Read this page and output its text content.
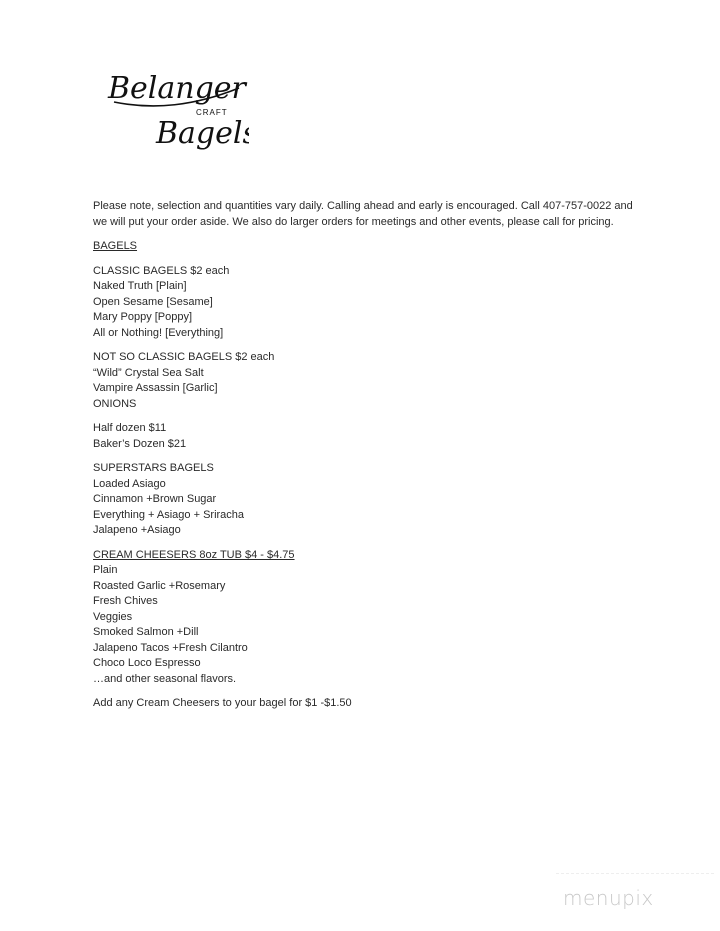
Belanger
CRAFT
Bagels

Please note, selection and quantities vary daily. Calling ahead and early is encouraged. Call 407-757-0022 and we will put your order aside. We also do larger orders for meetings and other events, please call for pricing.

BAGELS
CLASSIC BAGELS $2 each
Naked Truth [Plain]
Open Sesame [Sesame]
Mary Poppy [Poppy]
All or Nothing! [Everything]
NOT SO CLASSIC BAGELS $2 each
“Wild” Crystal Sea Salt
Vampire Assassin [Garlic]
ONIONS
Half dozen $11
Baker’s Dozen $21
SUPERSTARS BAGELS
Loaded Asiago
Cinnamon +Brown Sugar
Everything + Asiago + Sriracha
Jalapeno +Asiago
CREAM CHEESERS 8oz TUB $4 - $4.75
Plain
Roasted Garlic +Rosemary
Fresh Chives
Veggies
Smoked Salmon +Dill
Jalapeno Tacos +Fresh Cilantro
Choco Loco Espresso
…and other seasonal flavors.
Add any Cream Cheesers to your bagel for $1 -$1.50
menupix
